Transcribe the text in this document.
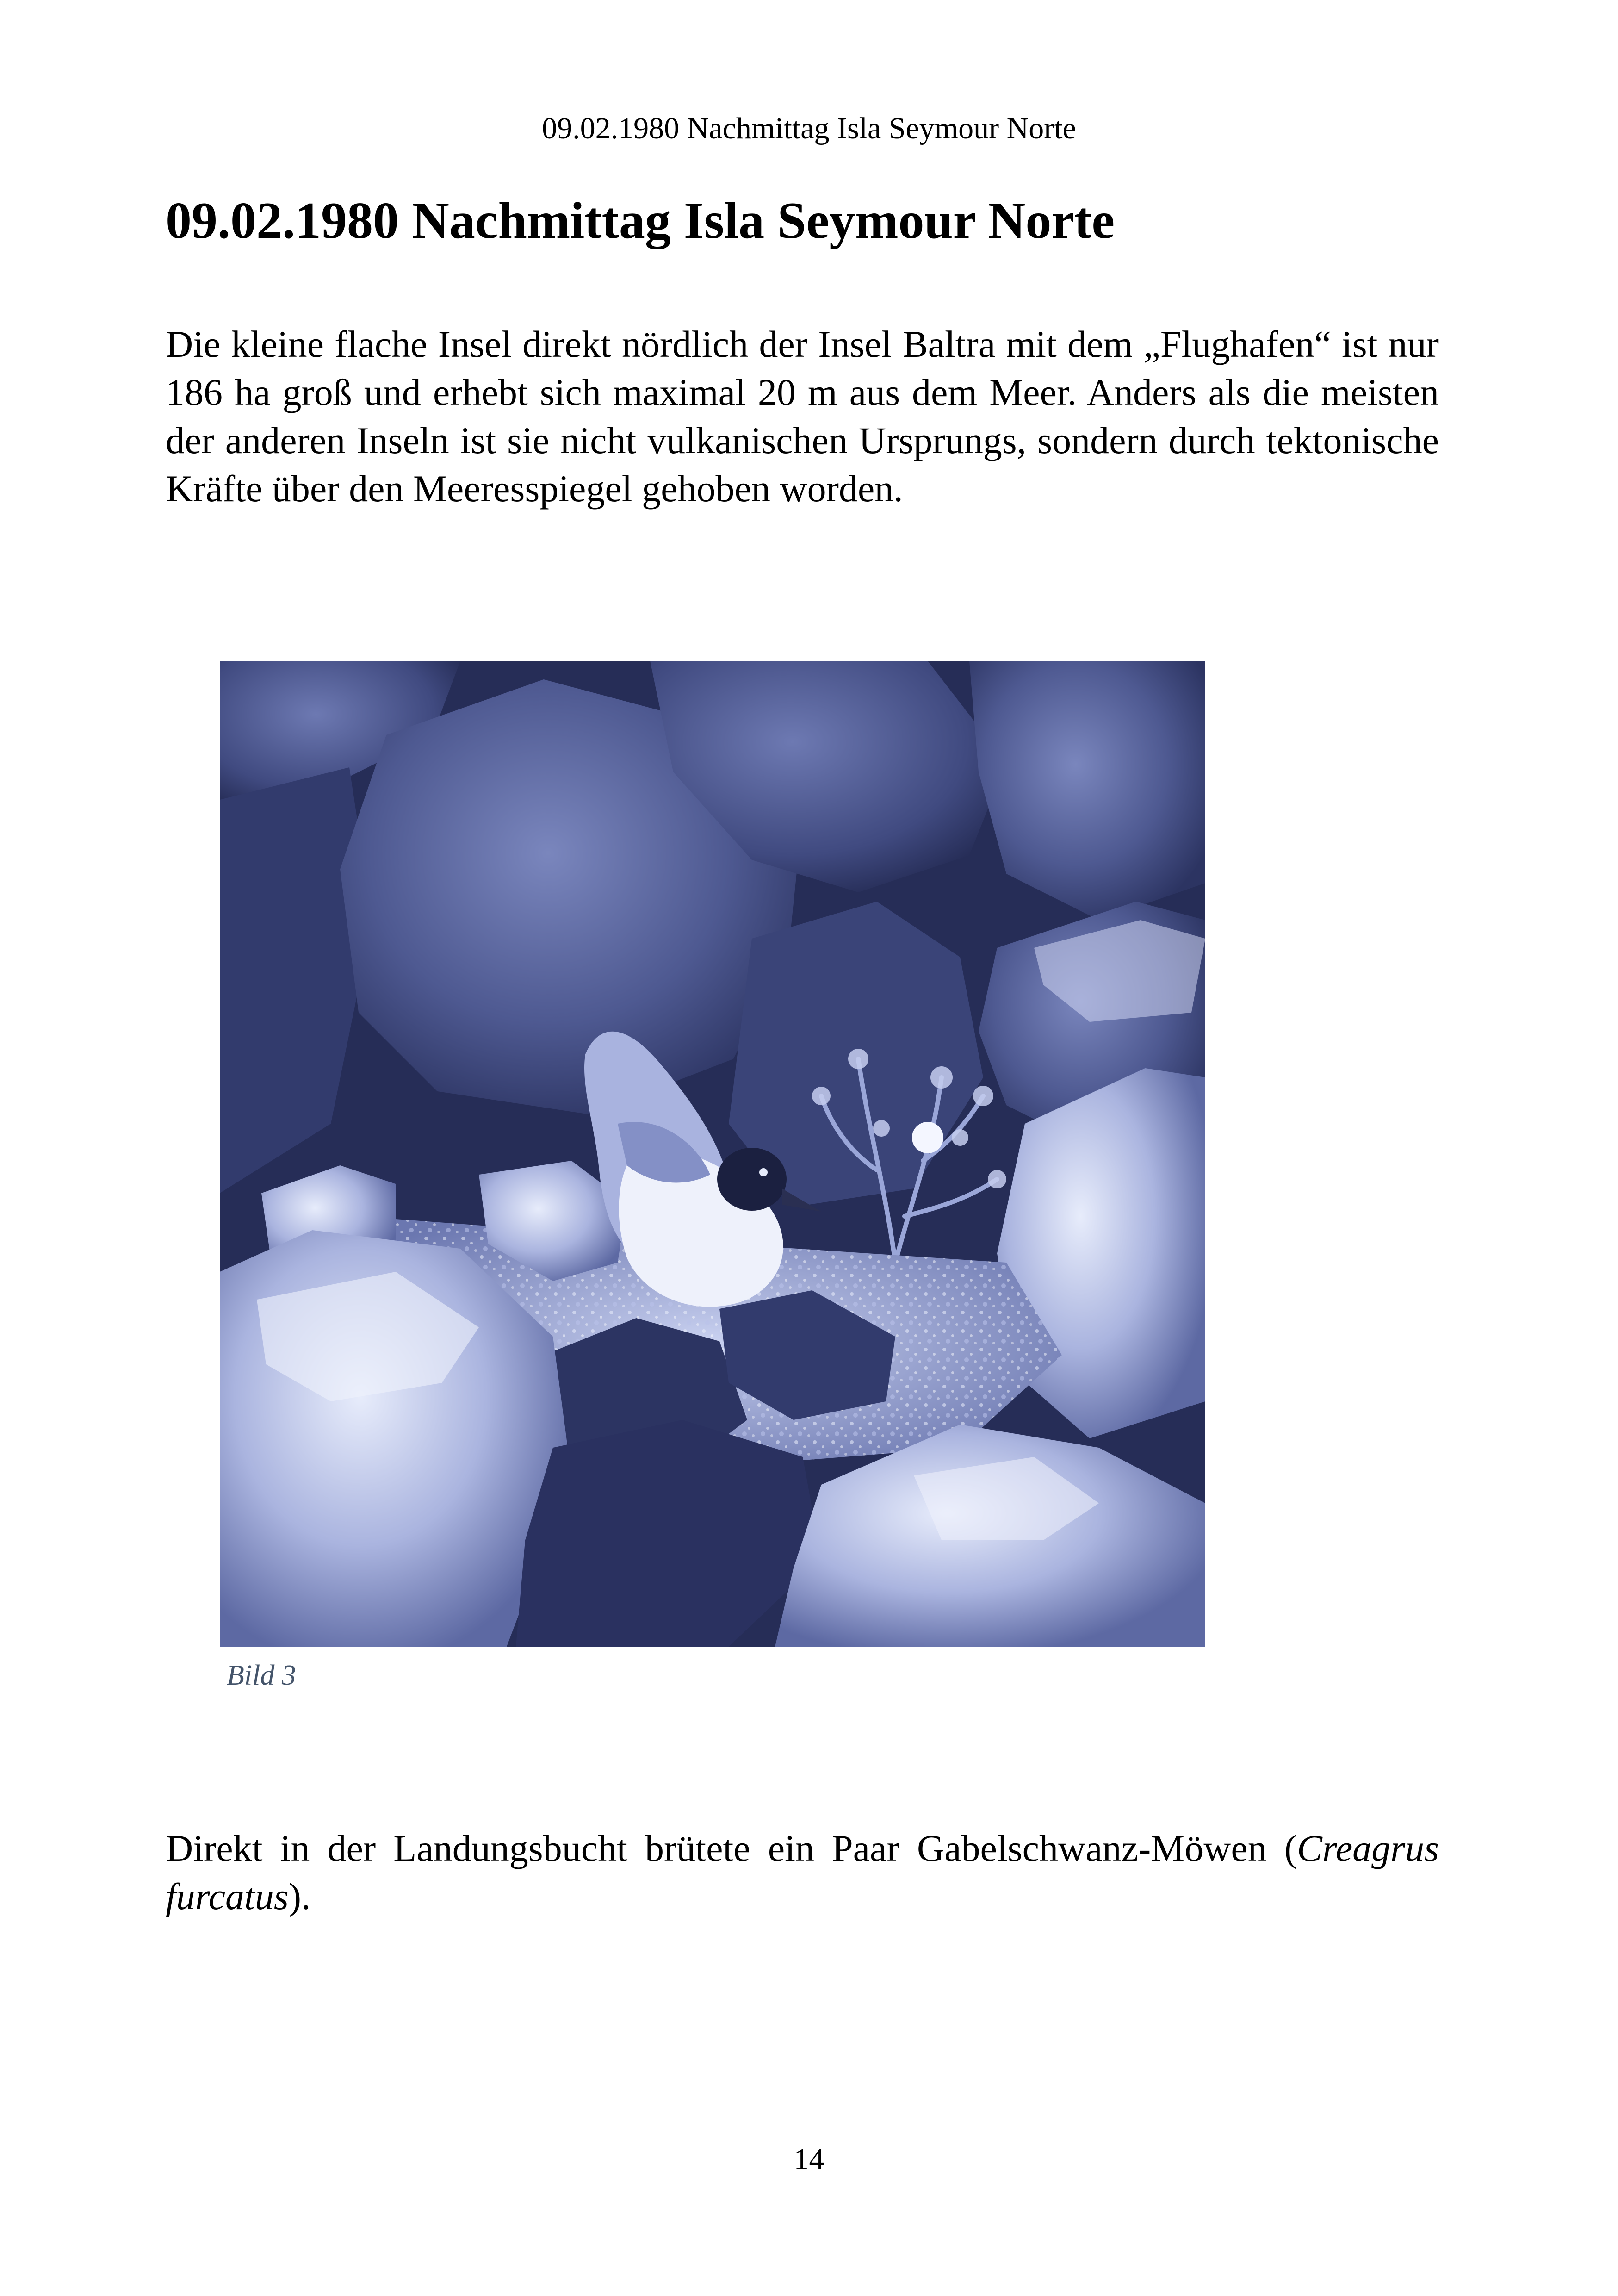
09.02.1980 Nachmittag Isla Seymour Norte
09.02.1980 Nachmittag Isla Seymour Norte

Die kleine flache Insel direkt nördlich der Insel Baltra mit dem „Flughafen“ ist nur 186 ha groß und erhebt sich maximal 20 m aus dem Meer. Anders als die meisten der anderen Inseln ist sie nicht vulkanischen Ursprungs, sondern durch tektonische Kräfte über den Meeresspiegel gehoben worden.

Bild 3

Direkt in der Landungsbucht brütete ein Paar Gabelschwanz-Möwen (Creagrus furcatus).

14
